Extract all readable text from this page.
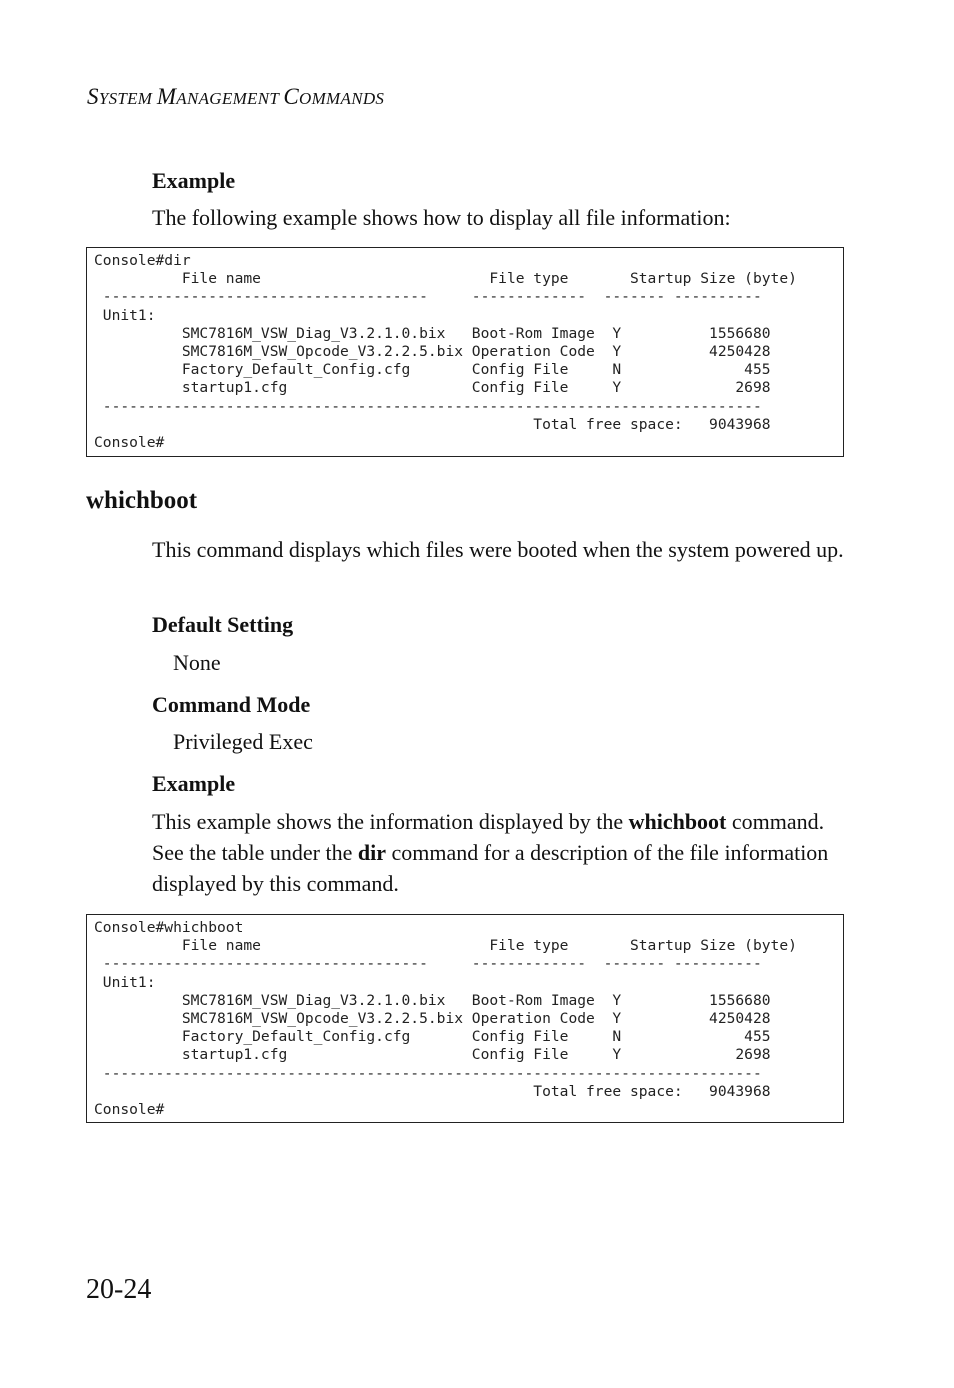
SYSTEM MANAGEMENT COMMANDS
Example
The following example shows how to display all file information:
Console#dir
File name                          File type       Startup Size (byte)
-------------------------------------     -------------  ------- ----------
Unit1:
SMC7816M_VSW_Diag_V3.2.1.0.bix   Boot-Rom Image  Y          1556680
SMC7816M_VSW_Opcode_V3.2.2.5.bix Operation Code  Y          4250428
Factory_Default_Config.cfg       Config File     N              455
startup1.cfg                     Config File     Y             2698
---------------------------------------------------------------------------
Total free space:   9043968
Console#
whichboot
This command displays which files were booted when the system powered up.
Default Setting
None
Command Mode
Privileged Exec
Example
This example shows the information displayed by the whichboot command. See the table under the dir command for a description of the file information displayed by this command.
Console#whichboot
File name                          File type       Startup Size (byte)
-------------------------------------     -------------  ------- ----------
Unit1:
SMC7816M_VSW_Diag_V3.2.1.0.bix   Boot-Rom Image  Y          1556680
SMC7816M_VSW_Opcode_V3.2.2.5.bix Operation Code  Y          4250428
Factory_Default_Config.cfg       Config File     N              455
startup1.cfg                     Config File     Y             2698
---------------------------------------------------------------------------
Total free space:   9043968
Console#
20-24
